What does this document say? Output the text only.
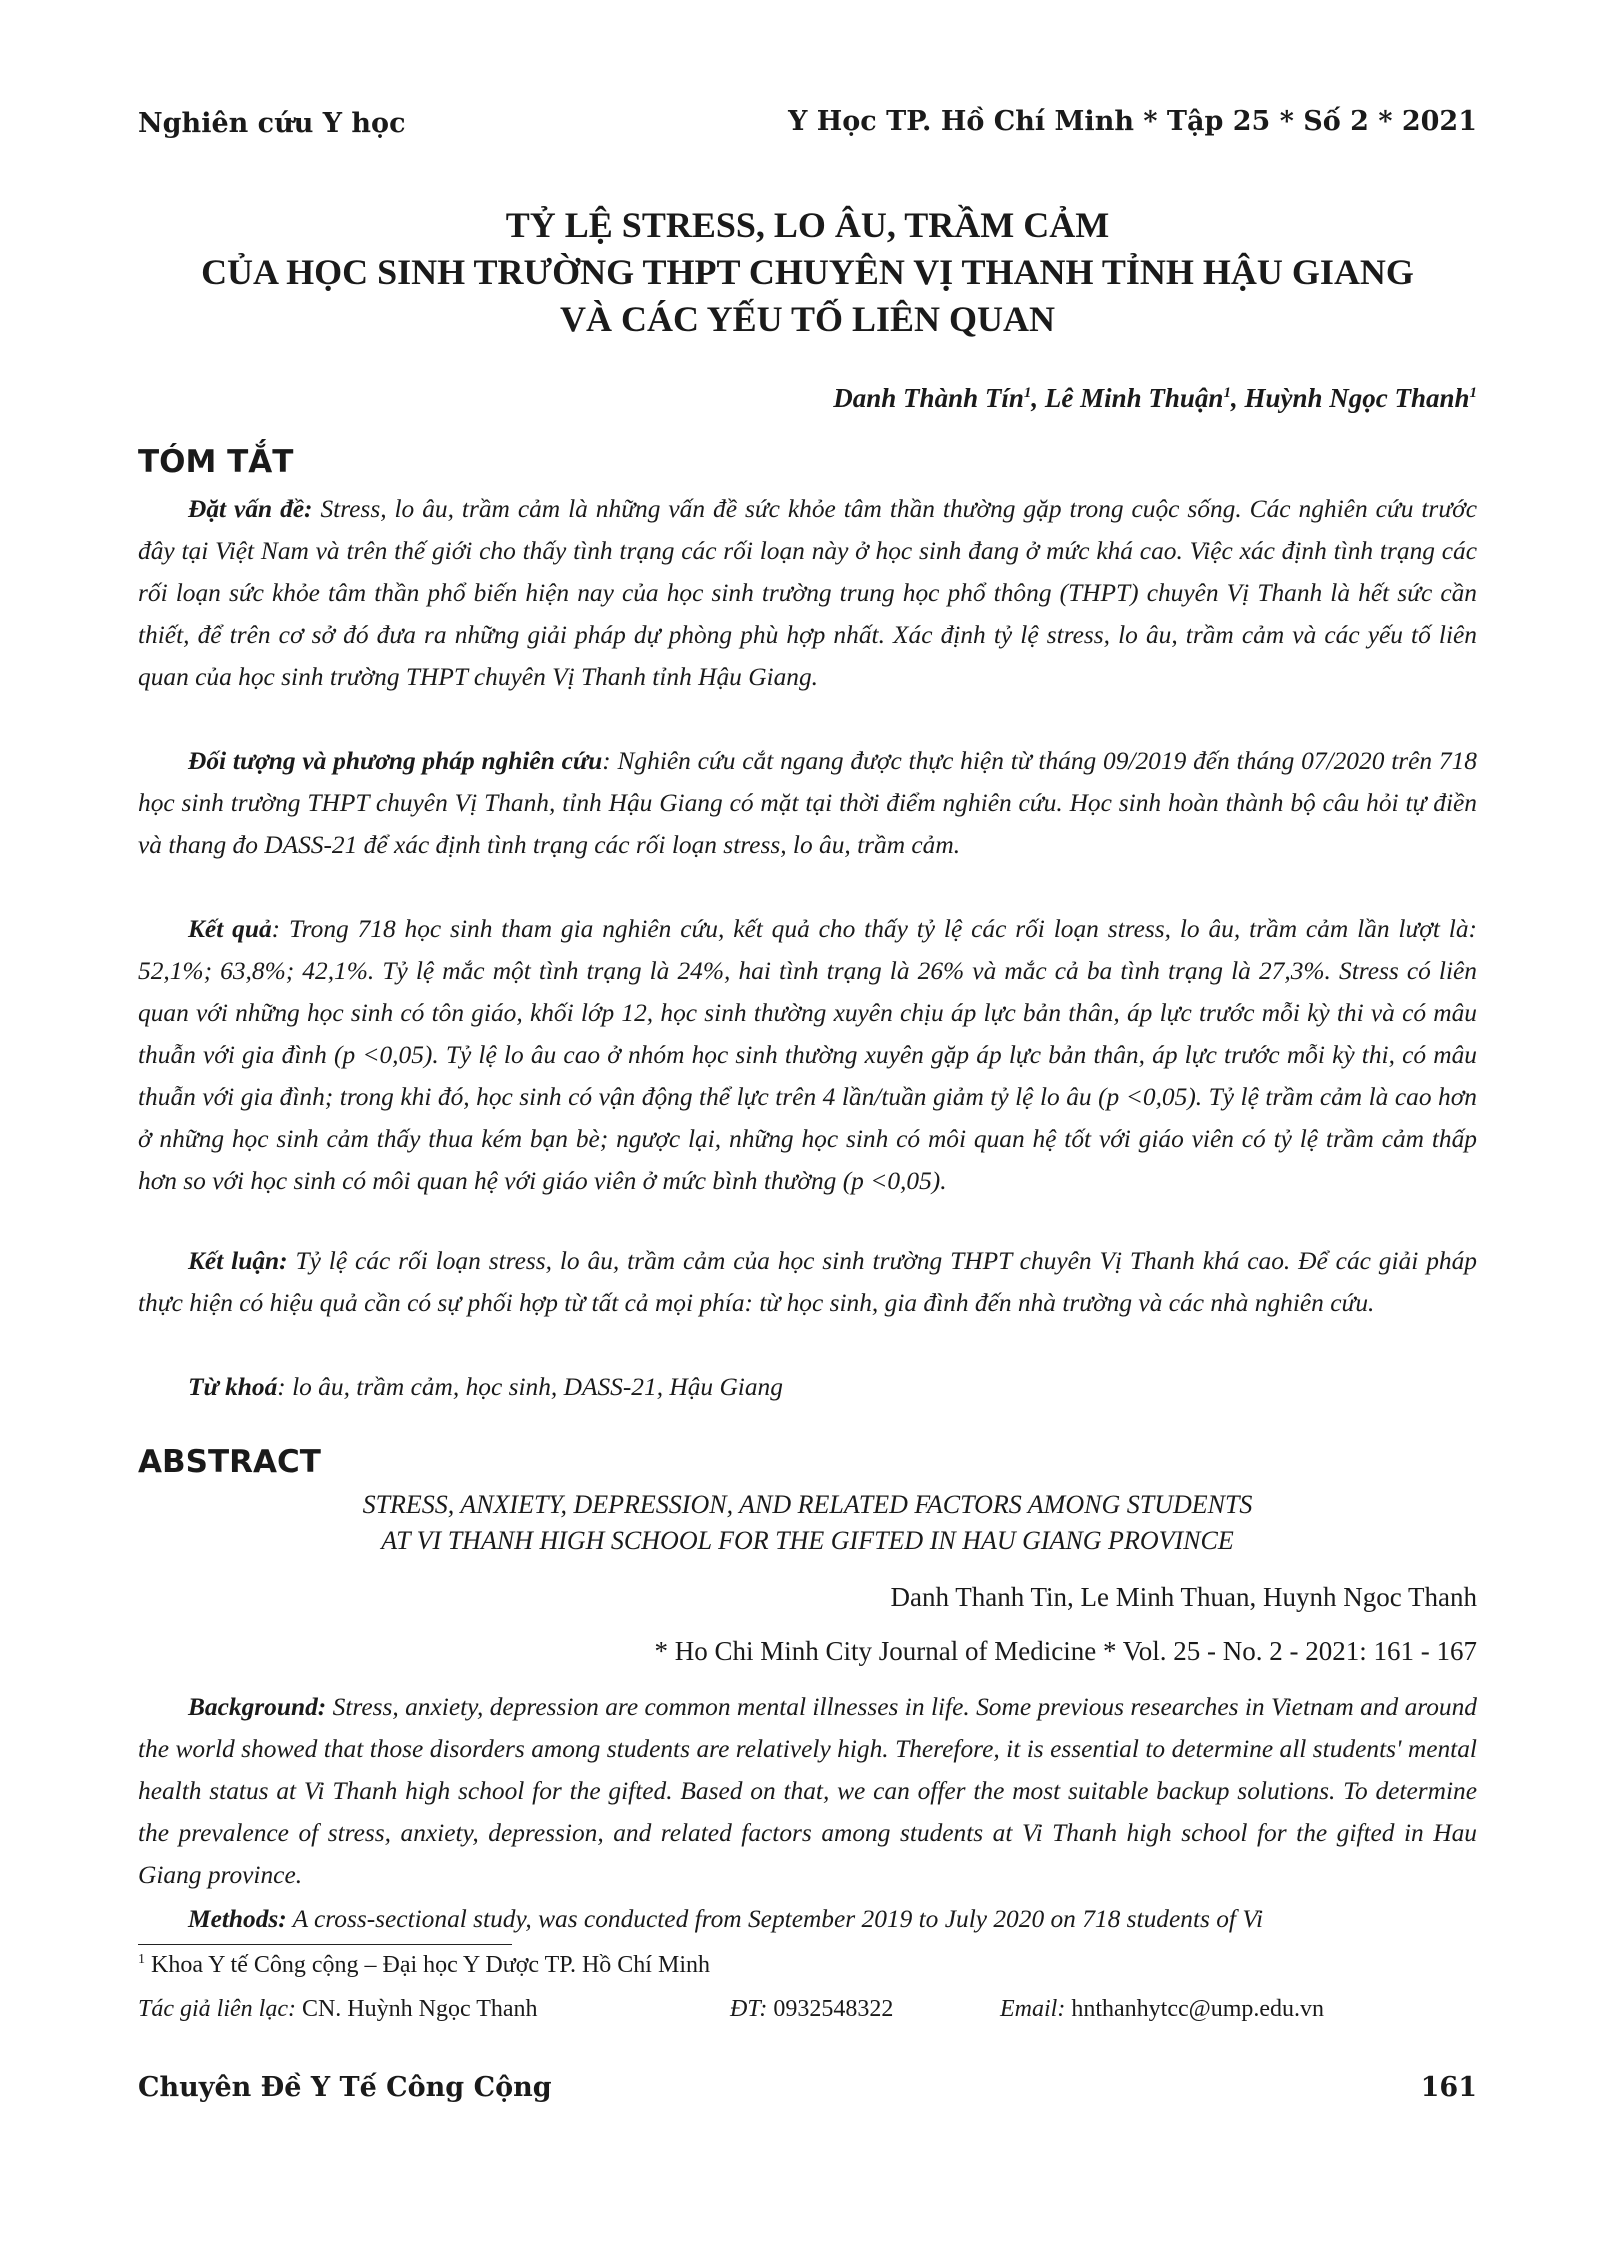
Nghiên cứu Y học	Y Học TP. Hồ Chí Minh * Tập 25 * Số 2 * 2021
TỶ LỆ STRESS, LO ÂU, TRẦM CẢM
CỦA HỌC SINH TRƯỜNG THPT CHUYÊN VỊ THANH TỈNH HẬU GIANG
VÀ CÁC YẾU TỐ LIÊN QUAN
Danh Thành Tín$^1$, Lê Minh Thuận$^1$, Huỳnh Ngọc Thanh$^1$
TÓM TẮT
Đặt vấn đề: Stress, lo âu, trầm cảm là những vấn đề sức khỏe tâm thần thường gặp trong cuộc sống. Các nghiên cứu trước đây tại Việt Nam và trên thế giới cho thấy tình trạng các rối loạn này ở học sinh đang ở mức khá cao. Việc xác định tình trạng các rối loạn sức khỏe tâm thần phổ biến hiện nay của học sinh trường trung học phổ thông (THPT) chuyên Vị Thanh là hết sức cần thiết, để trên cơ sở đó đưa ra những giải pháp dự phòng phù hợp nhất. Xác định tỷ lệ stress, lo âu, trầm cảm và các yếu tố liên quan của học sinh trường THPT chuyên Vị Thanh tỉnh Hậu Giang.
Đối tượng và phương pháp nghiên cứu: Nghiên cứu cắt ngang được thực hiện từ tháng 09/2019 đến tháng 07/2020 trên 718 học sinh trường THPT chuyên Vị Thanh, tỉnh Hậu Giang có mặt tại thời điểm nghiên cứu. Học sinh hoàn thành bộ câu hỏi tự điền và thang đo DASS-21 để xác định tình trạng các rối loạn stress, lo âu, trầm cảm.
Kết quả: Trong 718 học sinh tham gia nghiên cứu, kết quả cho thấy tỷ lệ các rối loạn stress, lo âu, trầm cảm lần lượt là: 52,1%; 63,8%; 42,1%. Tỷ lệ mắc một tình trạng là 24%, hai tình trạng là 26% và mắc cả ba tình trạng là 27,3%. Stress có liên quan với những học sinh có tôn giáo, khối lớp 12, học sinh thường xuyên chịu áp lực bản thân, áp lực trước mỗi kỳ thi và có mâu thuẫn với gia đình (p <0,05). Tỷ lệ lo âu cao ở nhóm học sinh thường xuyên gặp áp lực bản thân, áp lực trước mỗi kỳ thi, có mâu thuẫn với gia đình; trong khi đó, học sinh có vận động thể lực trên 4 lần/tuần giảm tỷ lệ lo âu (p <0,05). Tỷ lệ trầm cảm là cao hơn ở những học sinh cảm thấy thua kém bạn bè; ngược lại, những học sinh có môi quan hệ tốt với giáo viên có tỷ lệ trầm cảm thấp hơn so với học sinh có môi quan hệ với giáo viên ở mức bình thường (p <0,05).
Kết luận: Tỷ lệ các rối loạn stress, lo âu, trầm cảm của học sinh trường THPT chuyên Vị Thanh khá cao. Để các giải pháp thực hiện có hiệu quả cần có sự phối hợp từ tất cả mọi phía: từ học sinh, gia đình đến nhà trường và các nhà nghiên cứu.
Từ khoá: lo âu, trầm cảm, học sinh, DASS-21, Hậu Giang
ABSTRACT
STRESS, ANXIETY, DEPRESSION, AND RELATED FACTORS AMONG STUDENTS
AT VI THANH HIGH SCHOOL FOR THE GIFTED IN HAU GIANG PROVINCE
Danh Thanh Tin, Le Minh Thuan, Huynh Ngoc Thanh
* Ho Chi Minh City Journal of Medicine * Vol. 25 - No. 2 - 2021: 161 - 167
Background: Stress, anxiety, depression are common mental illnesses in life. Some previous researches in Vietnam and around the world showed that those disorders among students are relatively high. Therefore, it is essential to determine all students' mental health status at Vi Thanh high school for the gifted. Based on that, we can offer the most suitable backup solutions. To determine the prevalence of stress, anxiety, depression, and related factors among students at Vi Thanh high school for the gifted in Hau Giang province.
Methods: A cross-sectional study, was conducted from September 2019 to July 2020 on 718 students of Vi
$^1$ Khoa Y tế Công cộng – Đại học Y Dược TP. Hồ Chí Minh
Tác giả liên lạc: CN. Huỳnh Ngọc Thanh	ĐT: 0932548322	Email: hnthanhytcc@ump.edu.vn
Chuyên Đề Y Tế Công Cộng	161
